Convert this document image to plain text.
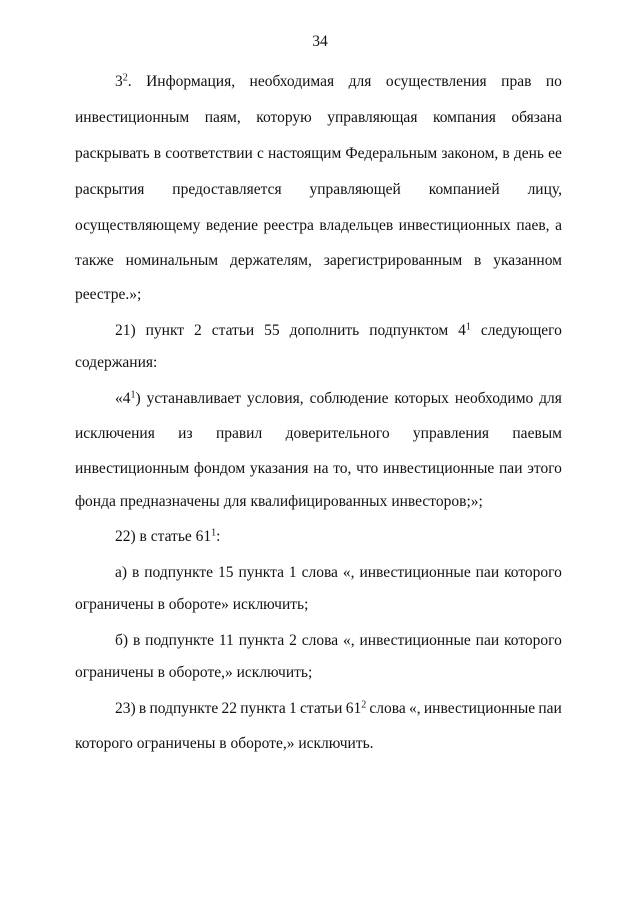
34
$3^2$. Информация, необходимая для осуществления прав по
инвестиционным паям, которую управляющая компания обязана
раскрывать в соответствии с настоящим Федеральным законом, в день ее
раскрытия предоставляется управляющей компанией лицу,
осуществляющему ведение реестра владельцев инвестиционных паев, а
также номинальным держателям, зарегистрированным в указанном
реестре.»;
21) пункт 2 статьи 55 дополнить подпунктом $4^1$ следующего
содержания:
«$4^1$) устанавливает условия, соблюдение которых необходимо для
исключения из правил доверительного управления паевым
инвестиционным фондом указания на то, что инвестиционные паи этого
фонда предназначены для квалифицированных инвесторов;»;
22) в статье $61^1$:
а) в подпункте 15 пункта 1 слова «, инвестиционные паи которого
ограничены в обороте» исключить;
б) в подпункте 11 пункта 2 слова «, инвестиционные паи которого
ограничены в обороте,» исключить;
23) в подпункте 22 пункта 1 статьи $61^2$ слова «, инвестиционные паи
которого ограничены в обороте,» исключить.
